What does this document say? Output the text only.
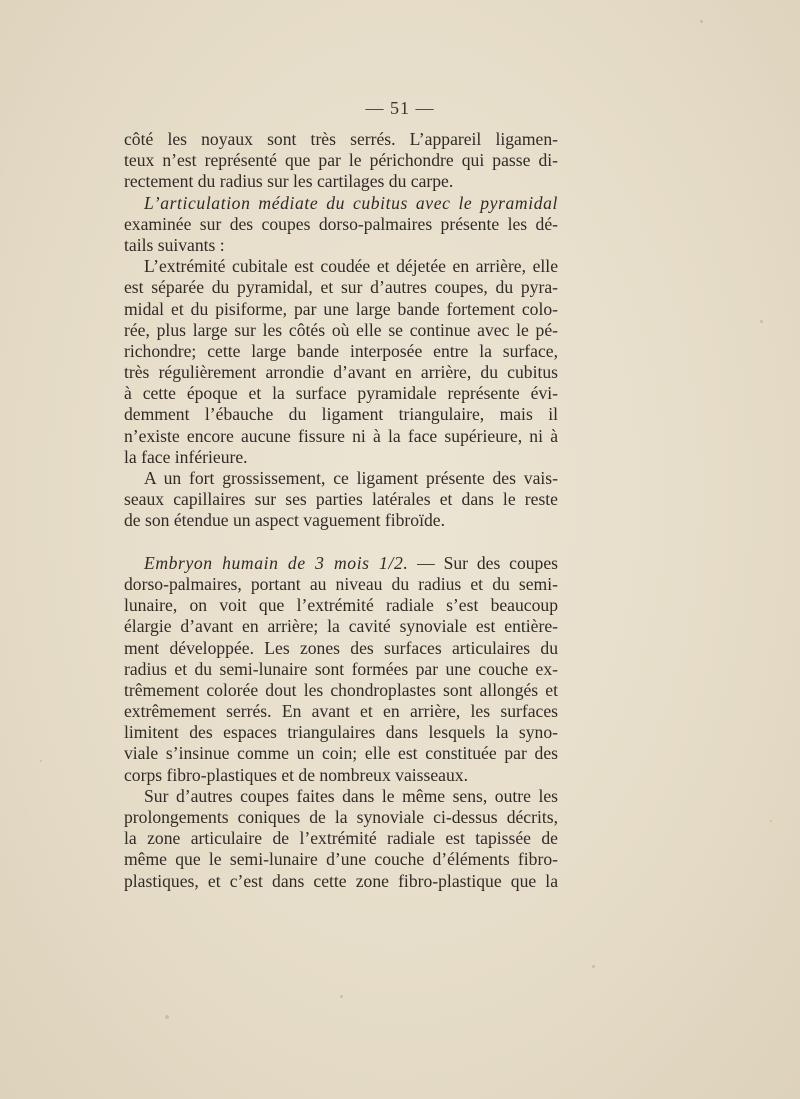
— 51 —
côté les noyaux sont très serrés. L’appareil ligamen-
teux n’est représenté que par le périchondre qui passe di-
rectement du radius sur les cartilages du carpe.
L’articulation médiate du cubitus avec le pyramidal
examinée sur des coupes dorso-palmaires présente les dé-
tails suivants :
L’extrémité cubitale est coudée et déjetée en arrière, elle
est séparée du pyramidal, et sur d’autres coupes, du pyra-
midal et du pisiforme, par une large bande fortement colo-
rée, plus large sur les côtés où elle se continue avec le pé-
richondre; cette large bande interposée entre la surface,
très régulièrement arrondie d’avant en arrière, du cubitus
à cette époque et la surface pyramidale représente évi-
demment l’ébauche du ligament triangulaire, mais il
n’existe encore aucune fissure ni à la face supérieure, ni à
la face inférieure.
A un fort grossissement, ce ligament présente des vais-
seaux capillaires sur ses parties latérales et dans le reste
de son étendue un aspect vaguement fibroïde.
Embryon humain de 3 mois 1/2. — Sur des coupes
dorso-palmaires, portant au niveau du radius et du semi-
lunaire, on voit que l’extrémité radiale s’est beaucoup
élargie d’avant en arrière; la cavité synoviale est entière-
ment développée. Les zones des surfaces articulaires du
radius et du semi-lunaire sont formées par une couche ex-
trêmement colorée dout les chondroplastes sont allongés et
extrêmement serrés. En avant et en arrière, les surfaces
limitent des espaces triangulaires dans lesquels la syno-
viale s’insinue comme un coin; elle est constituée par des
corps fibro-plastiques et de nombreux vaisseaux.
Sur d’autres coupes faites dans le même sens, outre les
prolongements coniques de la synoviale ci-dessus décrits,
la zone articulaire de l’extrémité radiale est tapissée de
même que le semi-lunaire d’une couche d’éléments fibro-
plastiques, et c’est dans cette zone fibro-plastique que la
